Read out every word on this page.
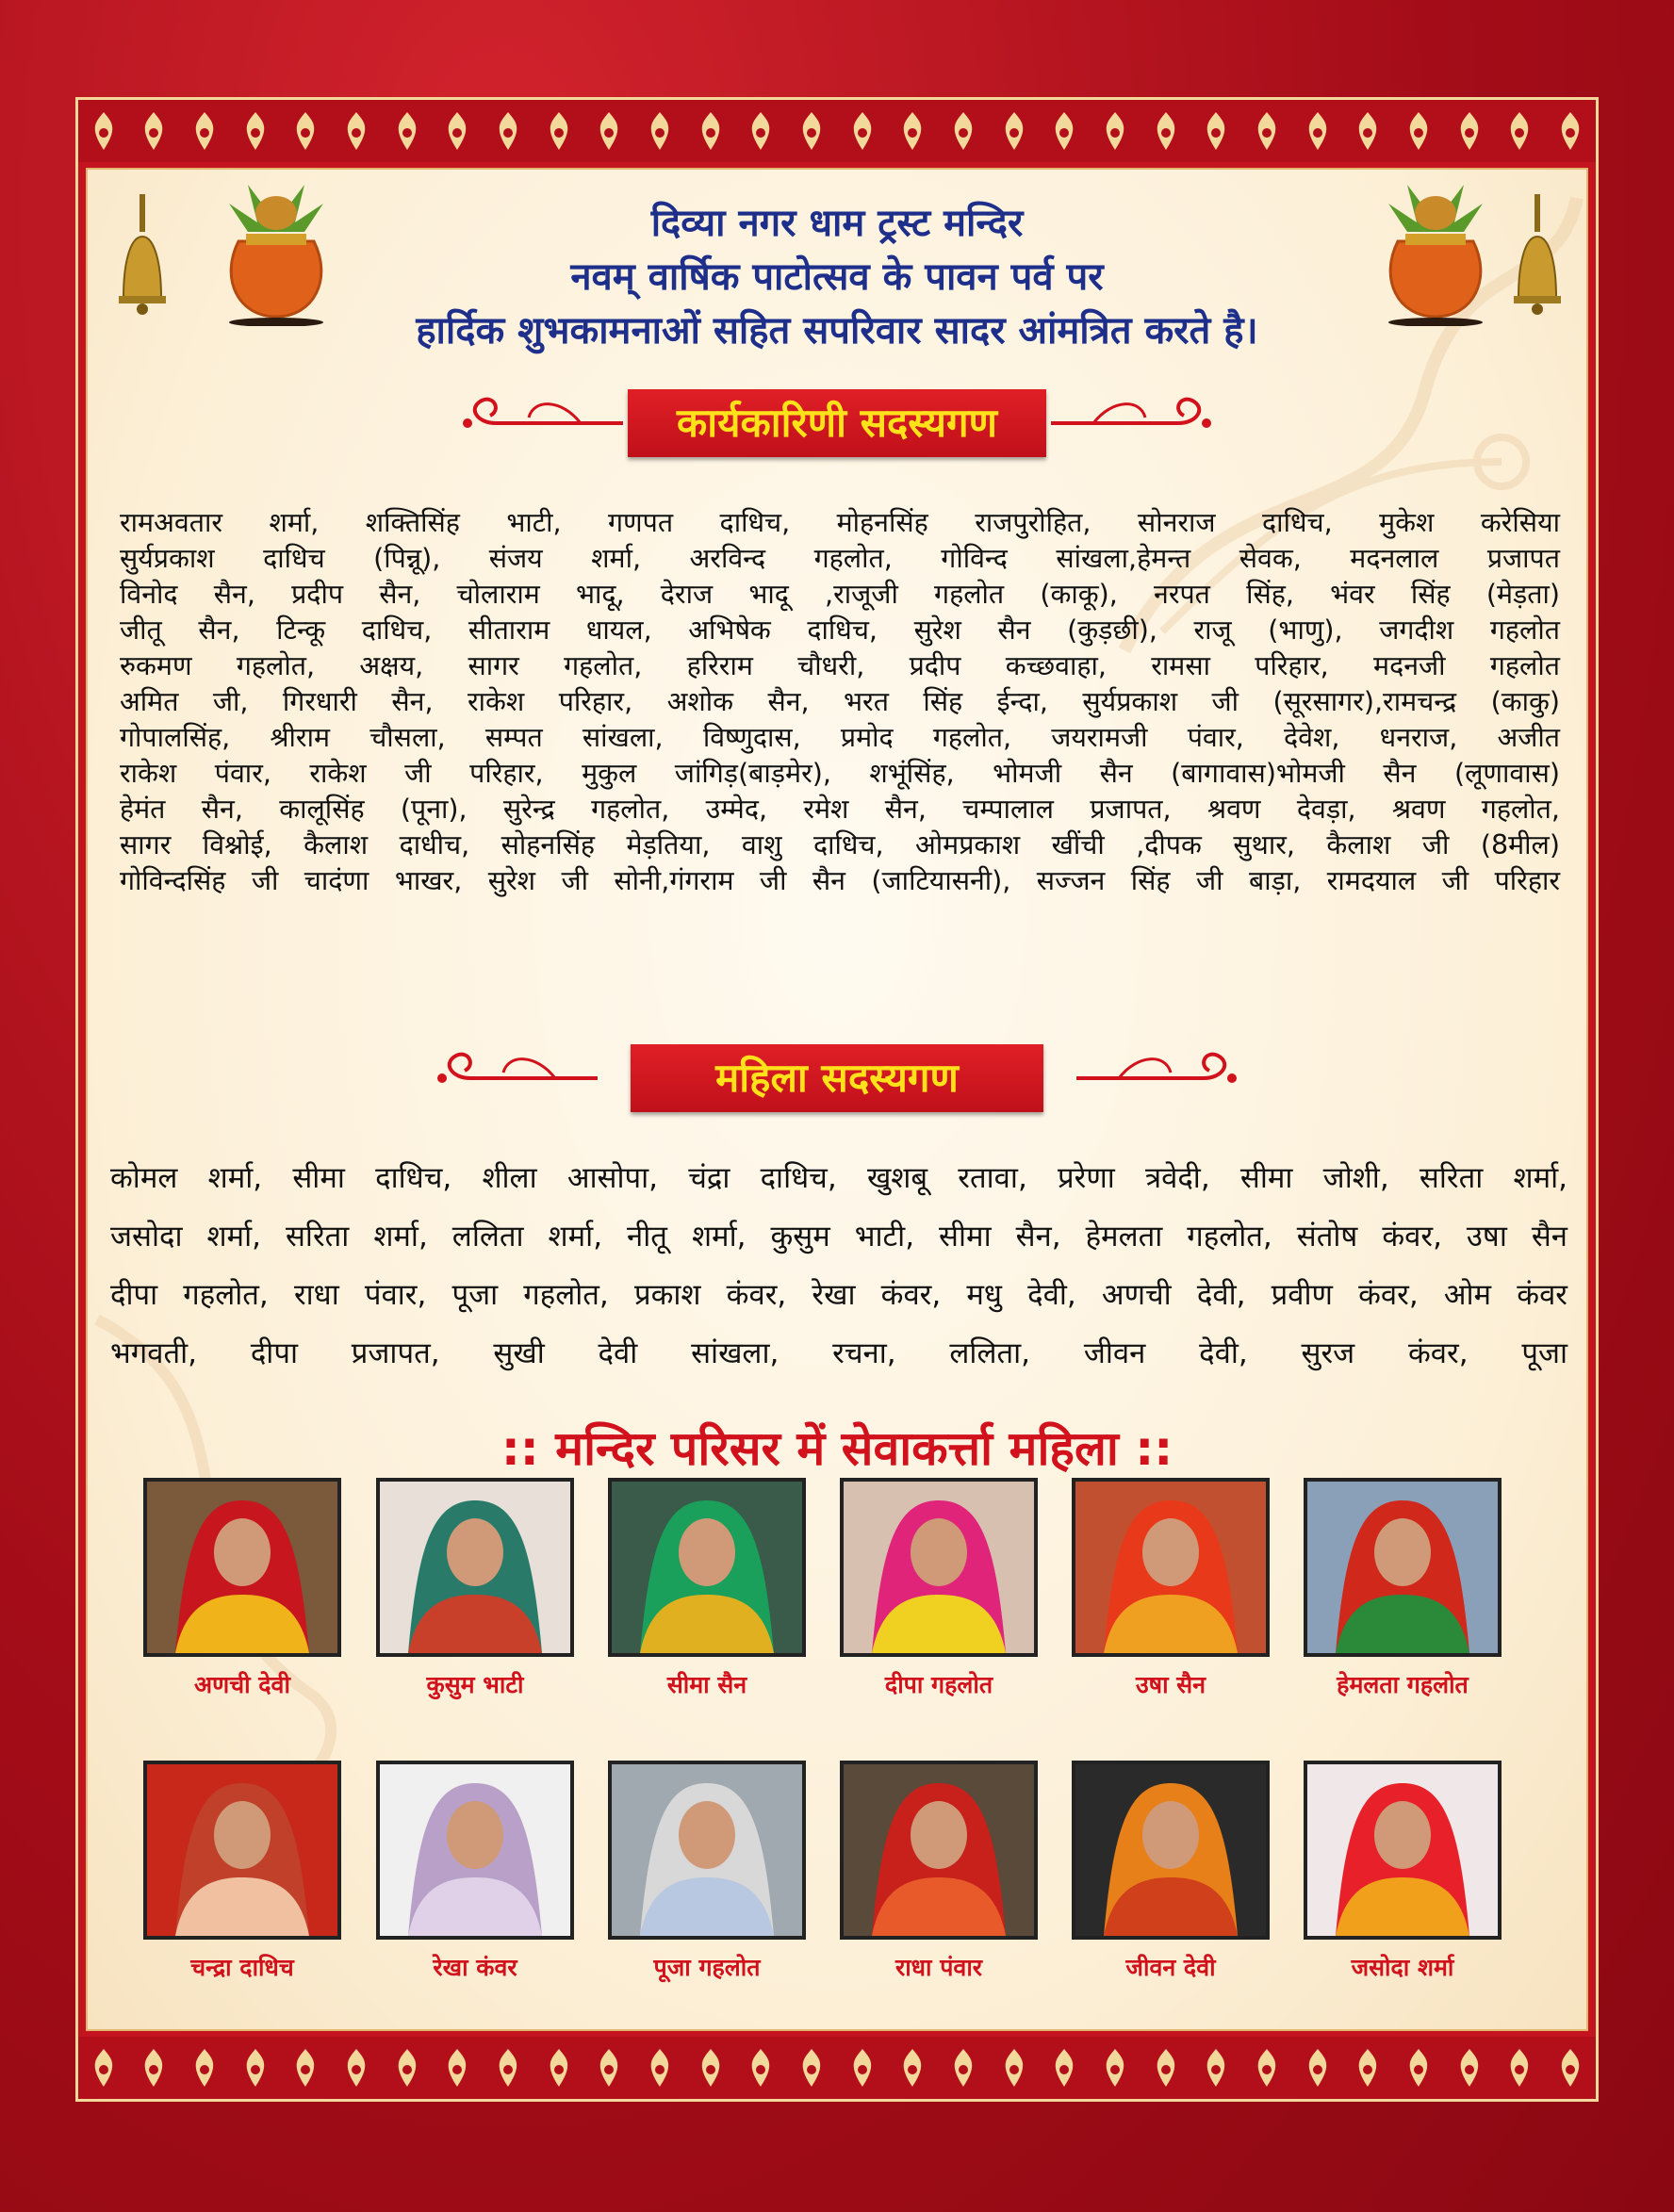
दिव्या नगर धाम ट्रस्ट मन्दिर
नवम् वार्षिक पाटोत्सव के पावन पर्व पर
हार्दिक शुभकामनाओं सहित सपरिवार सादर आंमत्रित करते है।
कार्यकारिणी सदस्यगण
रामअवतार शर्मा, शक्तिसिंह भाटी, गणपत दाधिच, मोहनसिंह राजपुरोहित, सोनराज दाधिच, मुकेश करेसिया
सुर्यप्रकाश दाधिच (पिन्नू), संजय शर्मा, अरविन्द गहलोत, गोविन्द सांखला,हेमन्त सेवक, मदनलाल प्रजापत
विनोद सैन, प्रदीप सैन, चोलाराम भादू, देराज भादू ,राजूजी गहलोत (काकू), नरपत सिंह, भंवर सिंह (मेड़ता)
जीतू सैन, टिन्कू दाधिच, सीताराम धायल, अभिषेक दाधिच, सुरेश सैन (कुड़छी), राजू (भाणु), जगदीश गहलोत
रुकमण गहलोत, अक्षय, सागर गहलोत, हरिराम चौधरी, प्रदीप कच्छवाहा, रामसा परिहार, मदनजी गहलोत
अमित जी, गिरधारी सैन, राकेश परिहार, अशोक सैन, भरत सिंह ईन्दा, सुर्यप्रकाश जी (सूरसागर),रामचन्द्र (काकु)
गोपालसिंह, श्रीराम चौसला, सम्पत सांखला, विष्णुदास, प्रमोद गहलोत, जयरामजी पंवार, देवेश, धनराज, अजीत
राकेश पंवार, राकेश जी परिहार, मुकुल जांगिड़(बाड़मेर), शभूंसिंह, भोमजी सैन (बागावास)भोमजी सैन (लूणावास)
हेमंत सैन, कालूसिंह (पूना), सुरेन्द्र गहलोत, उम्मेद, रमेश सैन, चम्पालाल प्रजापत, श्रवण देवड़ा, श्रवण गहलोत,
सागर विश्नोई, कैलाश दाधीच, सोहनसिंह मेड़तिया, वाशु दाधिच, ओमप्रकाश खींची ,दीपक सुथार, कैलाश जी (8मील)
गोविन्दसिंह जी चादंणा भाखर, सुरेश जी सोनी,गंगराम जी सैन (जाटियासनी), सज्जन सिंह जी बाड़ा, रामदयाल जी परिहार
महिला सदस्यगण
कोमल शर्मा, सीमा दाधिच, शीला आसोपा, चंद्रा दाधिच, खुशबू रतावा, प्ररेणा त्रवेदी, सीमा जोशी, सरिता शर्मा,
जसोदा शर्मा, सरिता शर्मा, ललिता शर्मा, नीतू शर्मा, कुसुम भाटी, सीमा सैन, हेमलता गहलोत, संतोष कंवर, उषा सैन
दीपा गहलोत, राधा पंवार, पूजा गहलोत, प्रकाश कंवर, रेखा कंवर, मधु देवी, अणची देवी, प्रवीण कंवर, ओम कंवर
भगवती, दीपा प्रजापत, सुखी देवी सांखला, रचना, ललिता, जीवन देवी, सुरज कंवर, पूजा
:: मन्दिर परिसर में सेवाकर्त्ता महिला ::
अणची देवी	कुसुम भाटी	सीमा सैन	दीपा गहलोत	उषा सैन	हेमलता गहलोत
चन्द्रा दाधिच	रेखा कंवर	पूजा गहलोत	राधा पंवार	जीवन देवी	जसोदा शर्मा
